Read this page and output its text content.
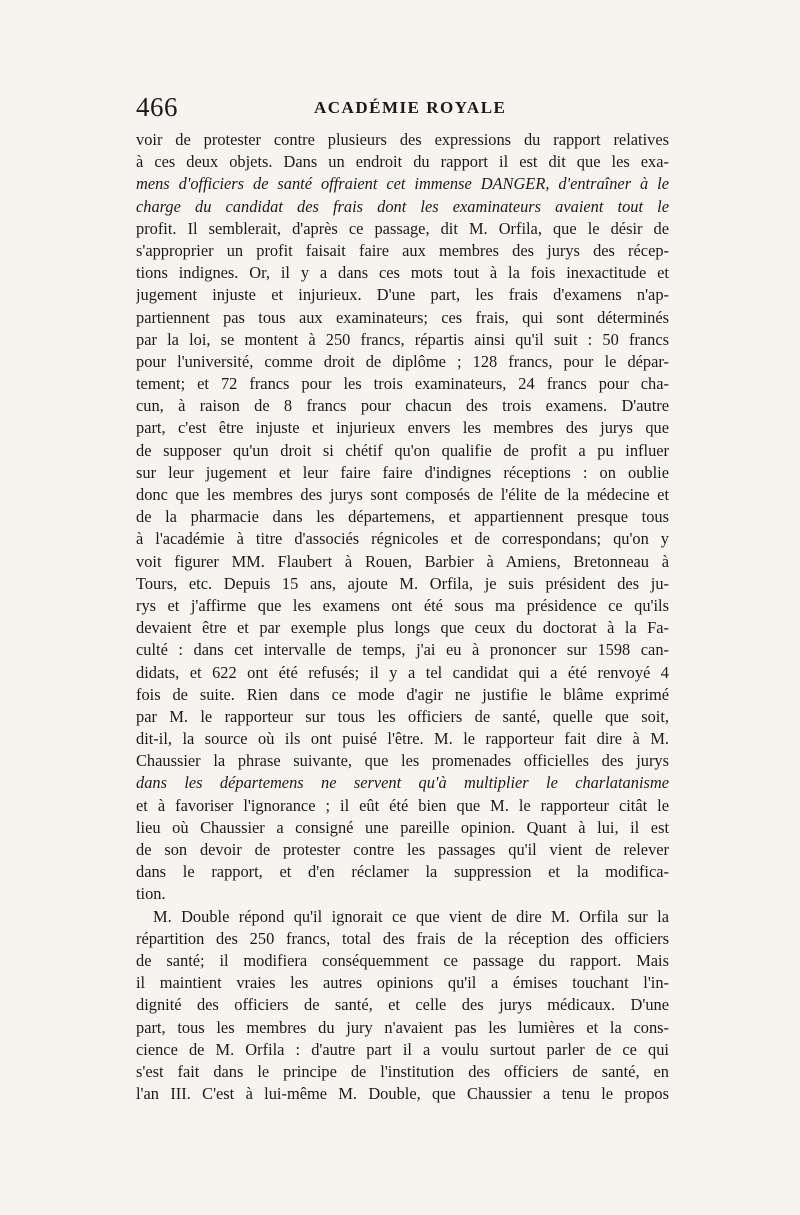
466	ACADÉMIE ROYALE
voir de protester contre plusieurs des expressions du rapport relatives
à ces deux objets. Dans un endroit du rapport il est dit que les exa-
mens d'officiers de santé offraient cet immense DANGER, d'entraîner à le
charge du candidat des frais dont les examinateurs avaient tout le
profit. Il semblerait, d'après ce passage, dit M. Orfila, que le désir de
s'approprier un profit faisait faire aux membres des jurys des récep-
tions indignes. Or, il y a dans ces mots tout à la fois inexactitude et
jugement injuste et injurieux. D'une part, les frais d'examens n'ap-
partiennent pas tous aux examinateurs; ces frais, qui sont déterminés
par la loi, se montent à 250 francs, répartis ainsi qu'il suit : 50 francs
pour l'université, comme droit de diplôme ; 128 francs, pour le dépar-
tement; et 72 francs pour les trois examinateurs, 24 francs pour cha-
cun, à raison de 8 francs pour chacun des trois examens. D'autre
part, c'est être injuste et injurieux envers les membres des jurys que
de supposer qu'un droit si chétif qu'on qualifie de profit a pu influer
sur leur jugement et leur faire faire d'indignes réceptions : on oublie
donc que les membres des jurys sont composés de l'élite de la médecine et
de la pharmacie dans les départemens, et appartiennent presque tous
à l'académie à titre d'associés régnicoles et de correspondans; qu'on y
voit figurer MM. Flaubert à Rouen, Barbier à Amiens, Bretonneau à
Tours, etc. Depuis 15 ans, ajoute M. Orfila, je suis président des ju-
rys et j'affirme que les examens ont été sous ma présidence ce qu'ils
devaient être et par exemple plus longs que ceux du doctorat à la Fa-
culté : dans cet intervalle de temps, j'ai eu à prononcer sur 1598 can-
didats, et 622 ont été refusés; il y a tel candidat qui a été renvoyé 4
fois de suite. Rien dans ce mode d'agir ne justifie le blâme exprimé
par M. le rapporteur sur tous les officiers de santé, quelle que soit,
dit-il, la source où ils ont puisé l'être. M. le rapporteur fait dire à M.
Chaussier la phrase suivante, que les promenades officielles des jurys
dans les départemens ne servent qu'à multiplier le charlatanisme
et à favoriser l'ignorance ; il eût été bien que M. le rapporteur citât le
lieu où Chaussier a consigné une pareille opinion. Quant à lui, il est
de son devoir de protester contre les passages qu'il vient de relever
dans le rapport, et d'en réclamer la suppression et la modifica-
tion.
M. Double répond qu'il ignorait ce que vient de dire M. Orfila sur la
répartition des 250 francs, total des frais de la réception des officiers
de santé; il modifiera conséquemment ce passage du rapport. Mais
il maintient vraies les autres opinions qu'il a émises touchant l'in-
dignité des officiers de santé, et celle des jurys médicaux. D'une
part, tous les membres du jury n'avaient pas les lumières et la cons-
cience de M. Orfila : d'autre part il a voulu surtout parler de ce qui
s'est fait dans le principe de l'institution des officiers de santé, en
l'an III. C'est à lui-même M. Double, que Chaussier a tenu le propos
